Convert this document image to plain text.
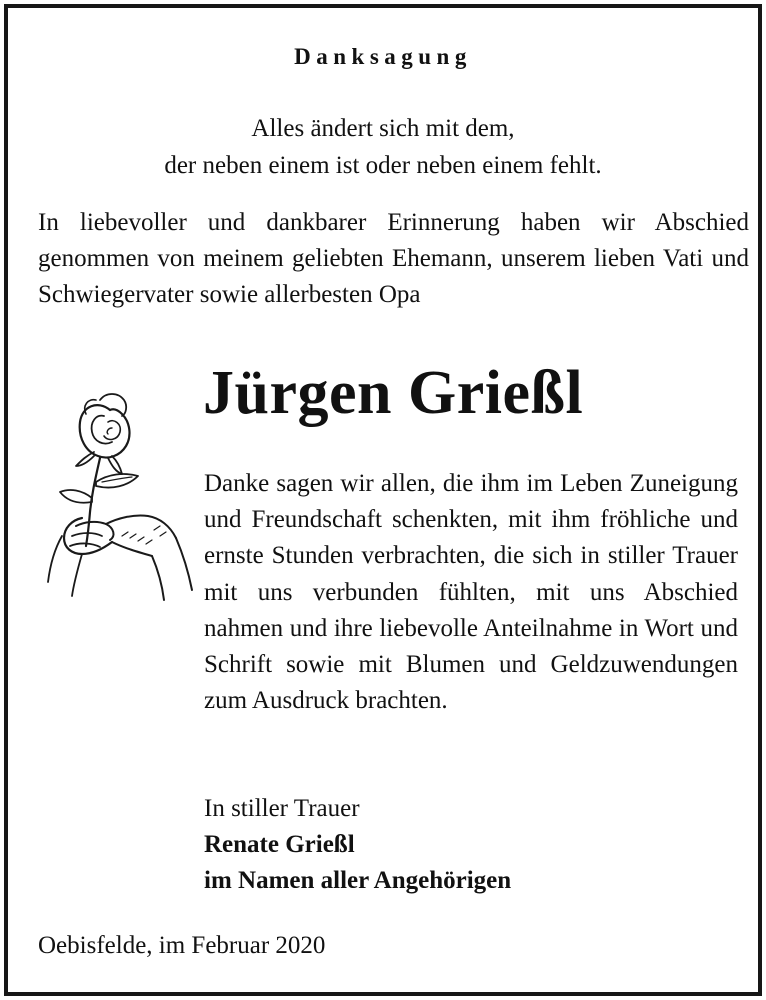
Danksagung
Alles ändert sich mit dem,
der neben einem ist oder neben einem fehlt.
In liebevoller und dankbarer Erinnerung haben wir Abschied genommen von meinem geliebten Ehemann, unserem lieben Vati und Schwiegervater sowie allerbesten Opa
Jürgen Grießl
Danke sagen wir allen, die ihm im Leben Zuneigung und Freundschaft schenkten, mit ihm fröhliche und ernste Stunden verbrachten, die sich in stiller Trauer mit uns verbunden fühlten, mit uns Abschied nahmen und ihre liebevolle Anteilnahme in Wort und Schrift sowie mit Blumen und Geldzuwendungen zum Ausdruck brachten.
In stiller Trauer
Renate Grießl
im Namen aller Angehörigen
Oebisfelde, im Februar 2020
